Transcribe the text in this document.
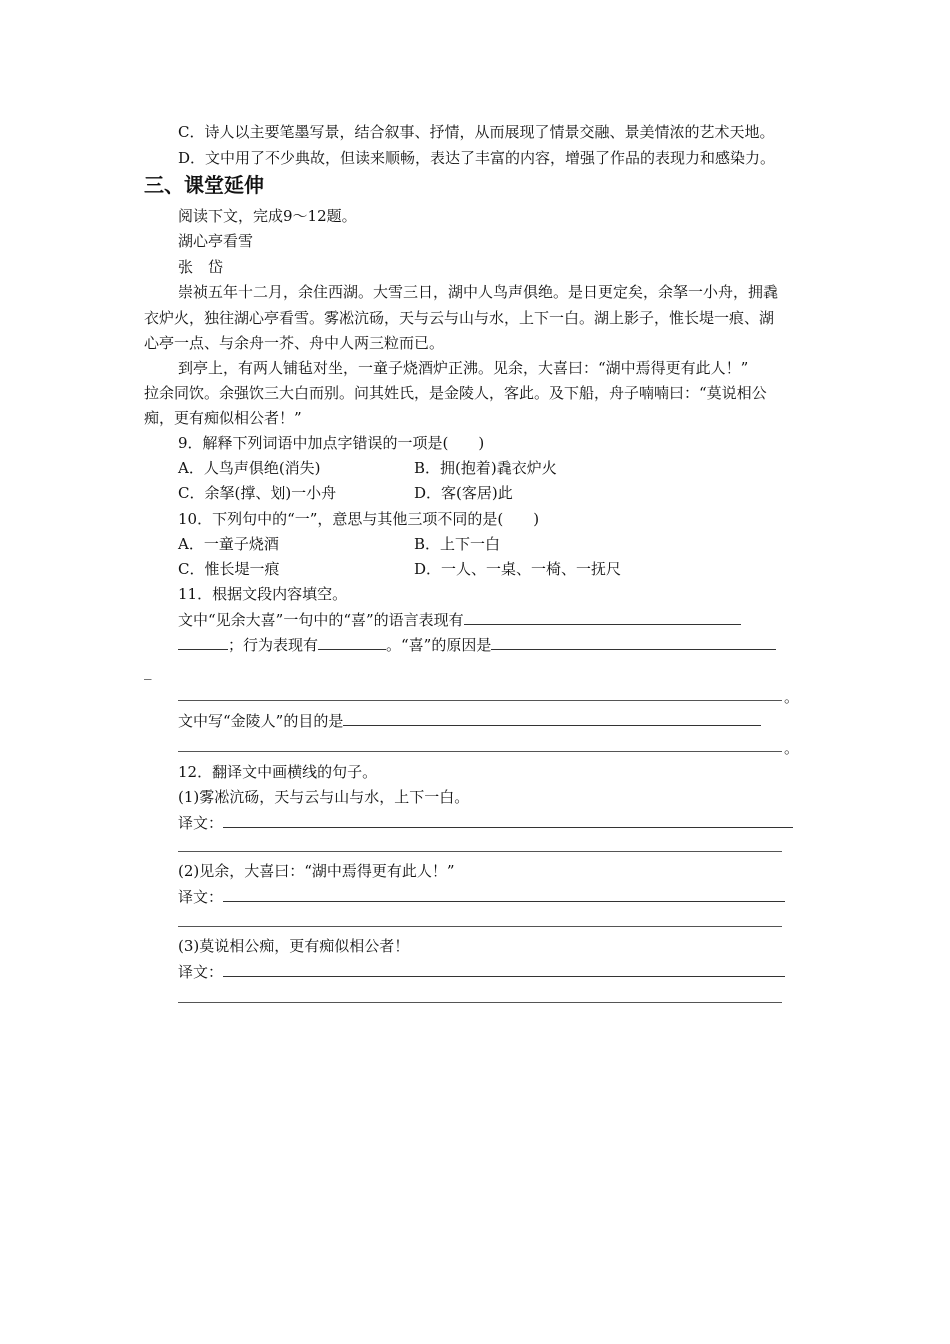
C．诗人以主要笔墨写景，结合叙事、抒情，从而展现了情景交融、景美情浓的艺术天地。
D．文中用了不少典故，但读来顺畅，表达了丰富的内容，增强了作品的表现力和感染力。
三、课堂延伸
阅读下文，完成9～12题。
湖心亭看雪
张　岱
崇祯五年十二月，余住西湖。大雪三日，湖中人鸟声俱绝。是日更定矣，余拏一小舟，拥毳
衣炉火，独往湖心亭看雪。雾凇沆砀，天与云与山与水，上下一白。湖上影子，惟长堤一痕、湖
心亭一点、与余舟一芥、舟中人两三粒而已。
到亭上，有两人铺毡对坐，一童子烧酒炉正沸。见余，大喜曰：“湖中焉得更有此人！”
拉余同饮。余强饮三大白而别。问其姓氏，是金陵人，客此。及下船，舟子喃喃曰：“莫说相公
痴，更有痴似相公者！”
9．解释下列词语中加点字错误的一项是(　　)
A．人鸟声俱绝(消失)	B．拥(抱着)毳衣炉火
C．余拏(撑、划)一小舟	D．客(客居)此
10．下列句中的“一”，意思与其他三项不同的是(　　)
A．一童子烧酒	B．上下一白
C．惟长堤一痕	D．一人、一桌、一椅、一抚尺
11．根据文段内容填空。
文中“见余大喜”一句中的“喜”的语言表现有
；行为表现有	。“喜”的原因是
_
。
文中写“金陵人”的目的是
。
12．翻译文中画横线的句子。
(1)雾凇沆砀，天与云与山与水，上下一白。
译文：
(2)见余，大喜曰：“湖中焉得更有此人！”
译文：
(3)莫说相公痴，更有痴似相公者！
译文：
